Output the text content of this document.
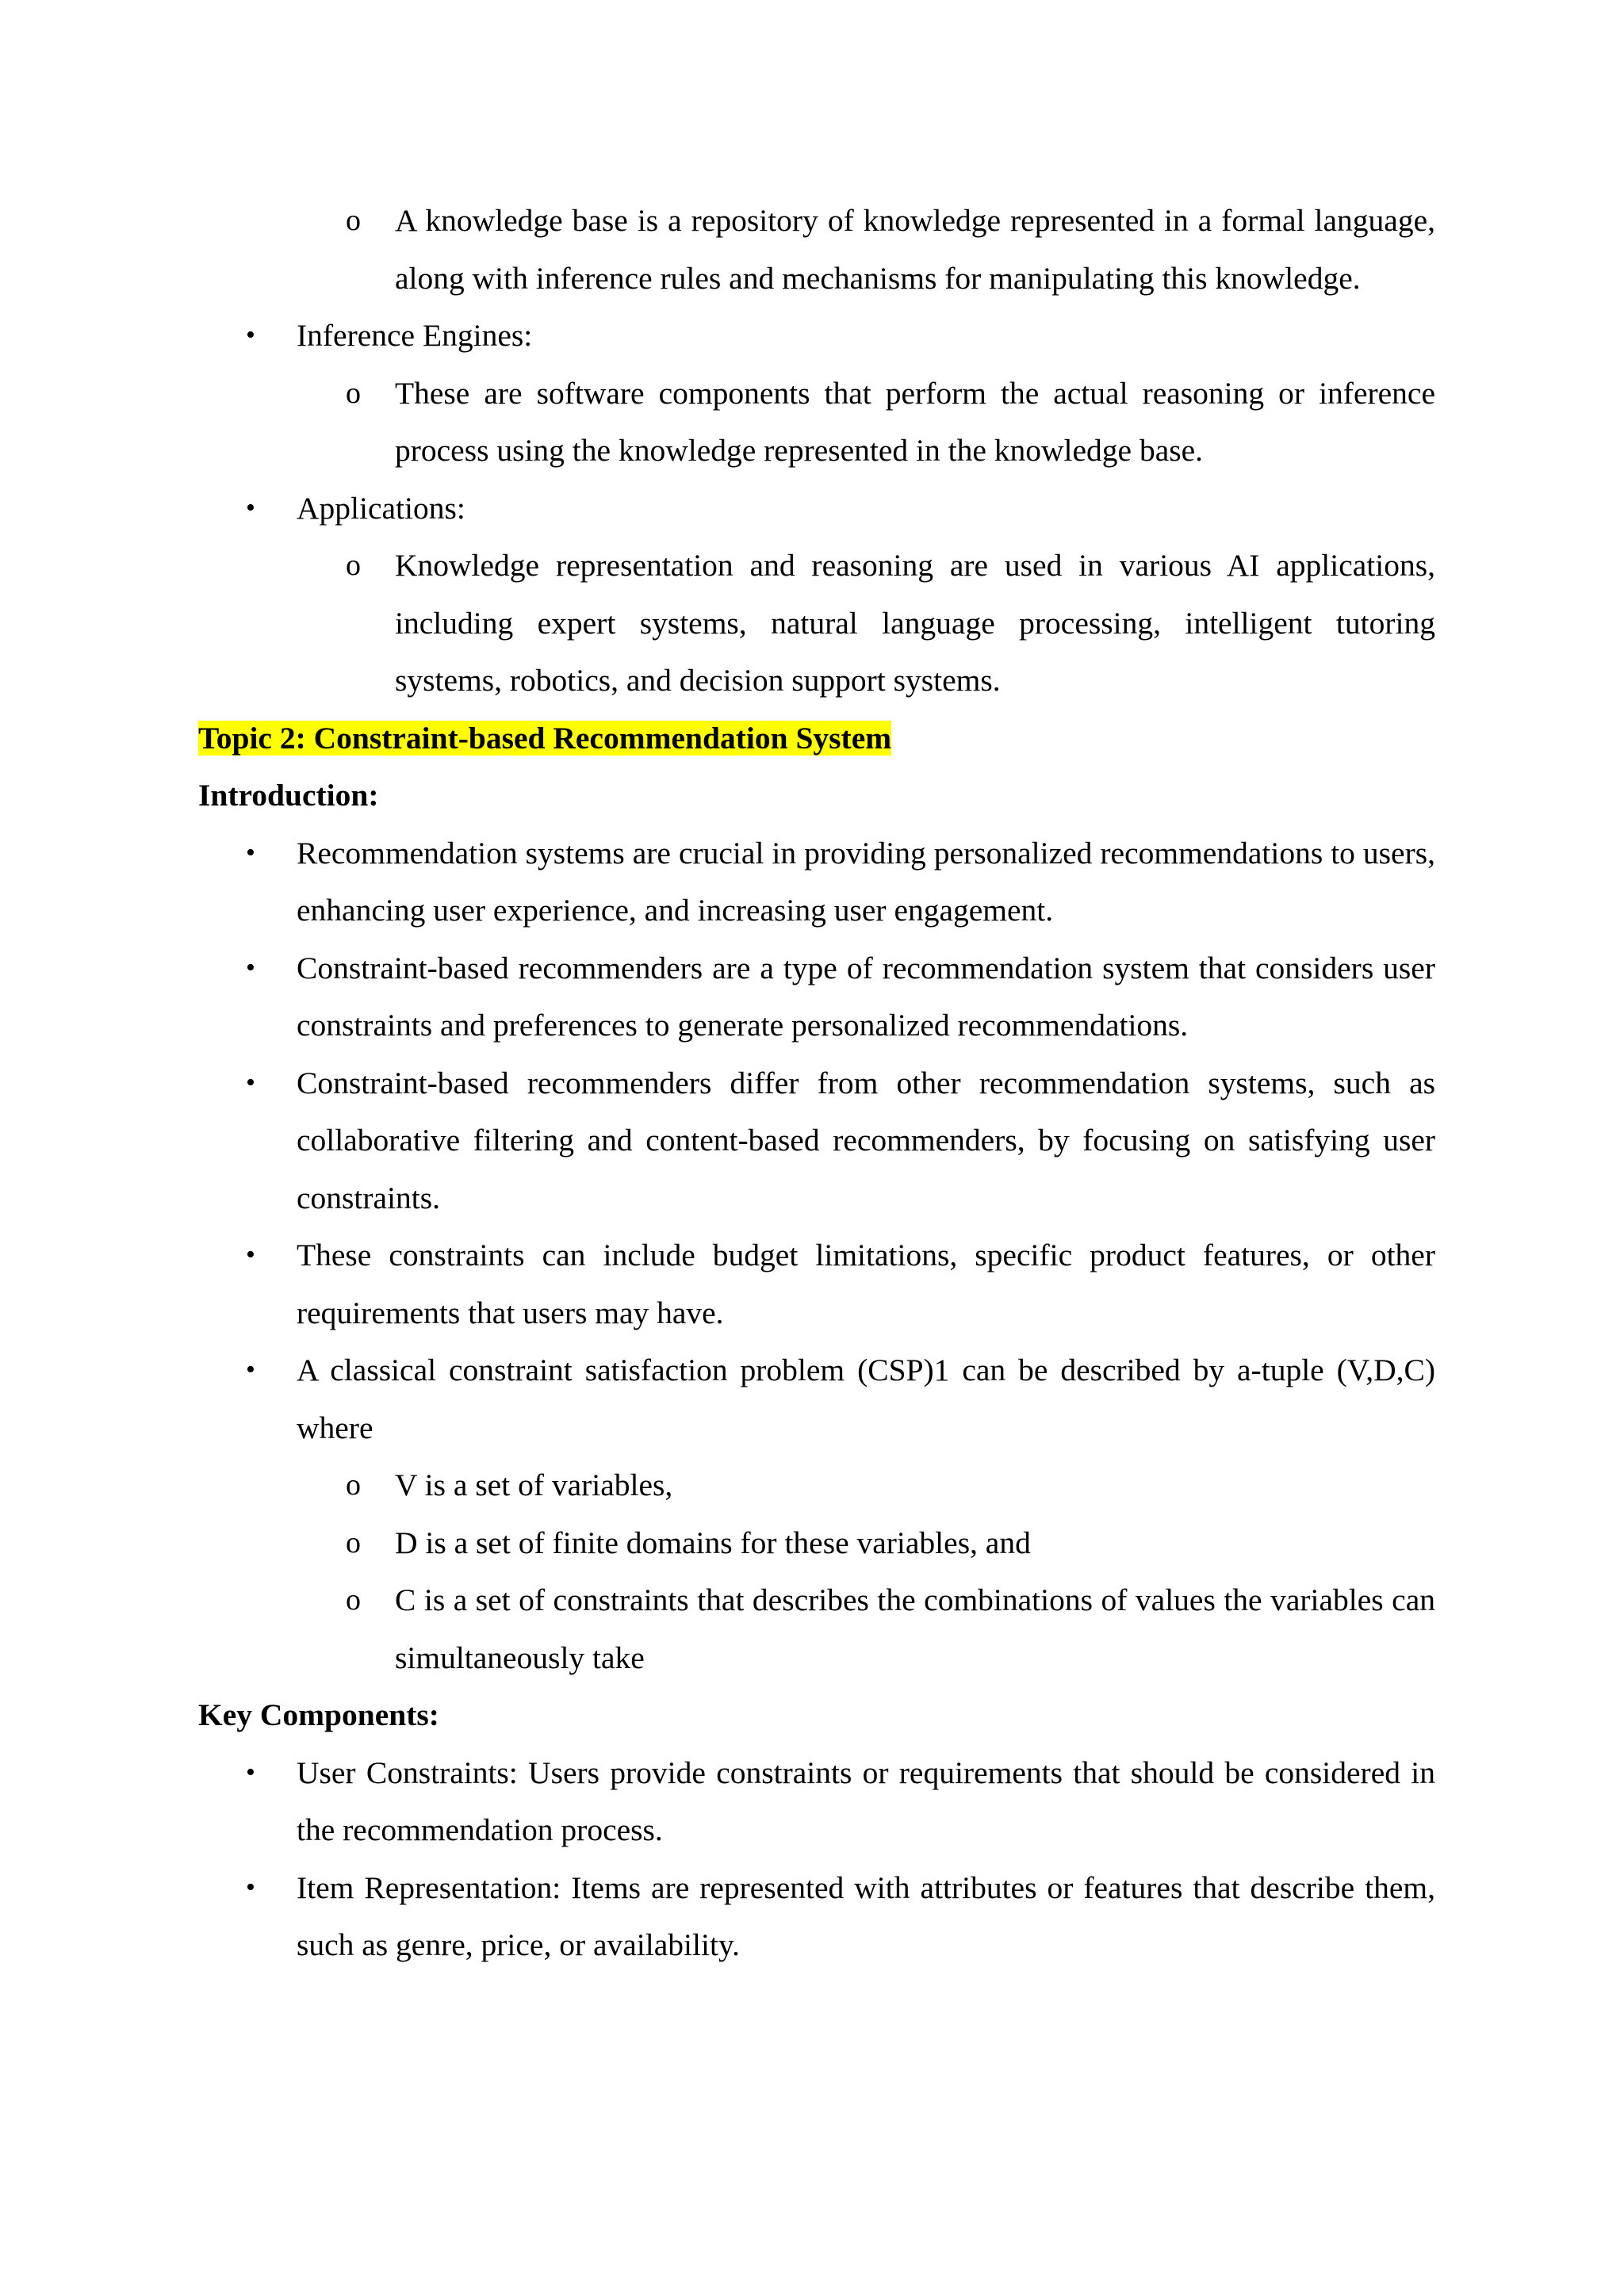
o A knowledge base is a repository of knowledge represented in a formal language, along with inference rules and mechanisms for manipulating this knowledge.
• Inference Engines:
o These are software components that perform the actual reasoning or inference process using the knowledge represented in the knowledge base.
• Applications:
o Knowledge representation and reasoning are used in various AI applications, including expert systems, natural language processing, intelligent tutoring systems, robotics, and decision support systems.
Topic 2: Constraint-based Recommendation System
Introduction:
• Recommendation systems are crucial in providing personalized recommendations to users, enhancing user experience, and increasing user engagement.
• Constraint-based recommenders are a type of recommendation system that considers user constraints and preferences to generate personalized recommendations.
• Constraint-based recommenders differ from other recommendation systems, such as collaborative filtering and content-based recommenders, by focusing on satisfying user constraints.
• These constraints can include budget limitations, specific product features, or other requirements that users may have.
• A classical constraint satisfaction problem (CSP)1 can be described by a-tuple (V,D,C) where
o V is a set of variables,
o D is a set of finite domains for these variables, and
o C is a set of constraints that describes the combinations of values the variables can simultaneously take
Key Components:
• User Constraints: Users provide constraints or requirements that should be considered in the recommendation process.
• Item Representation: Items are represented with attributes or features that describe them, such as genre, price, or availability.
